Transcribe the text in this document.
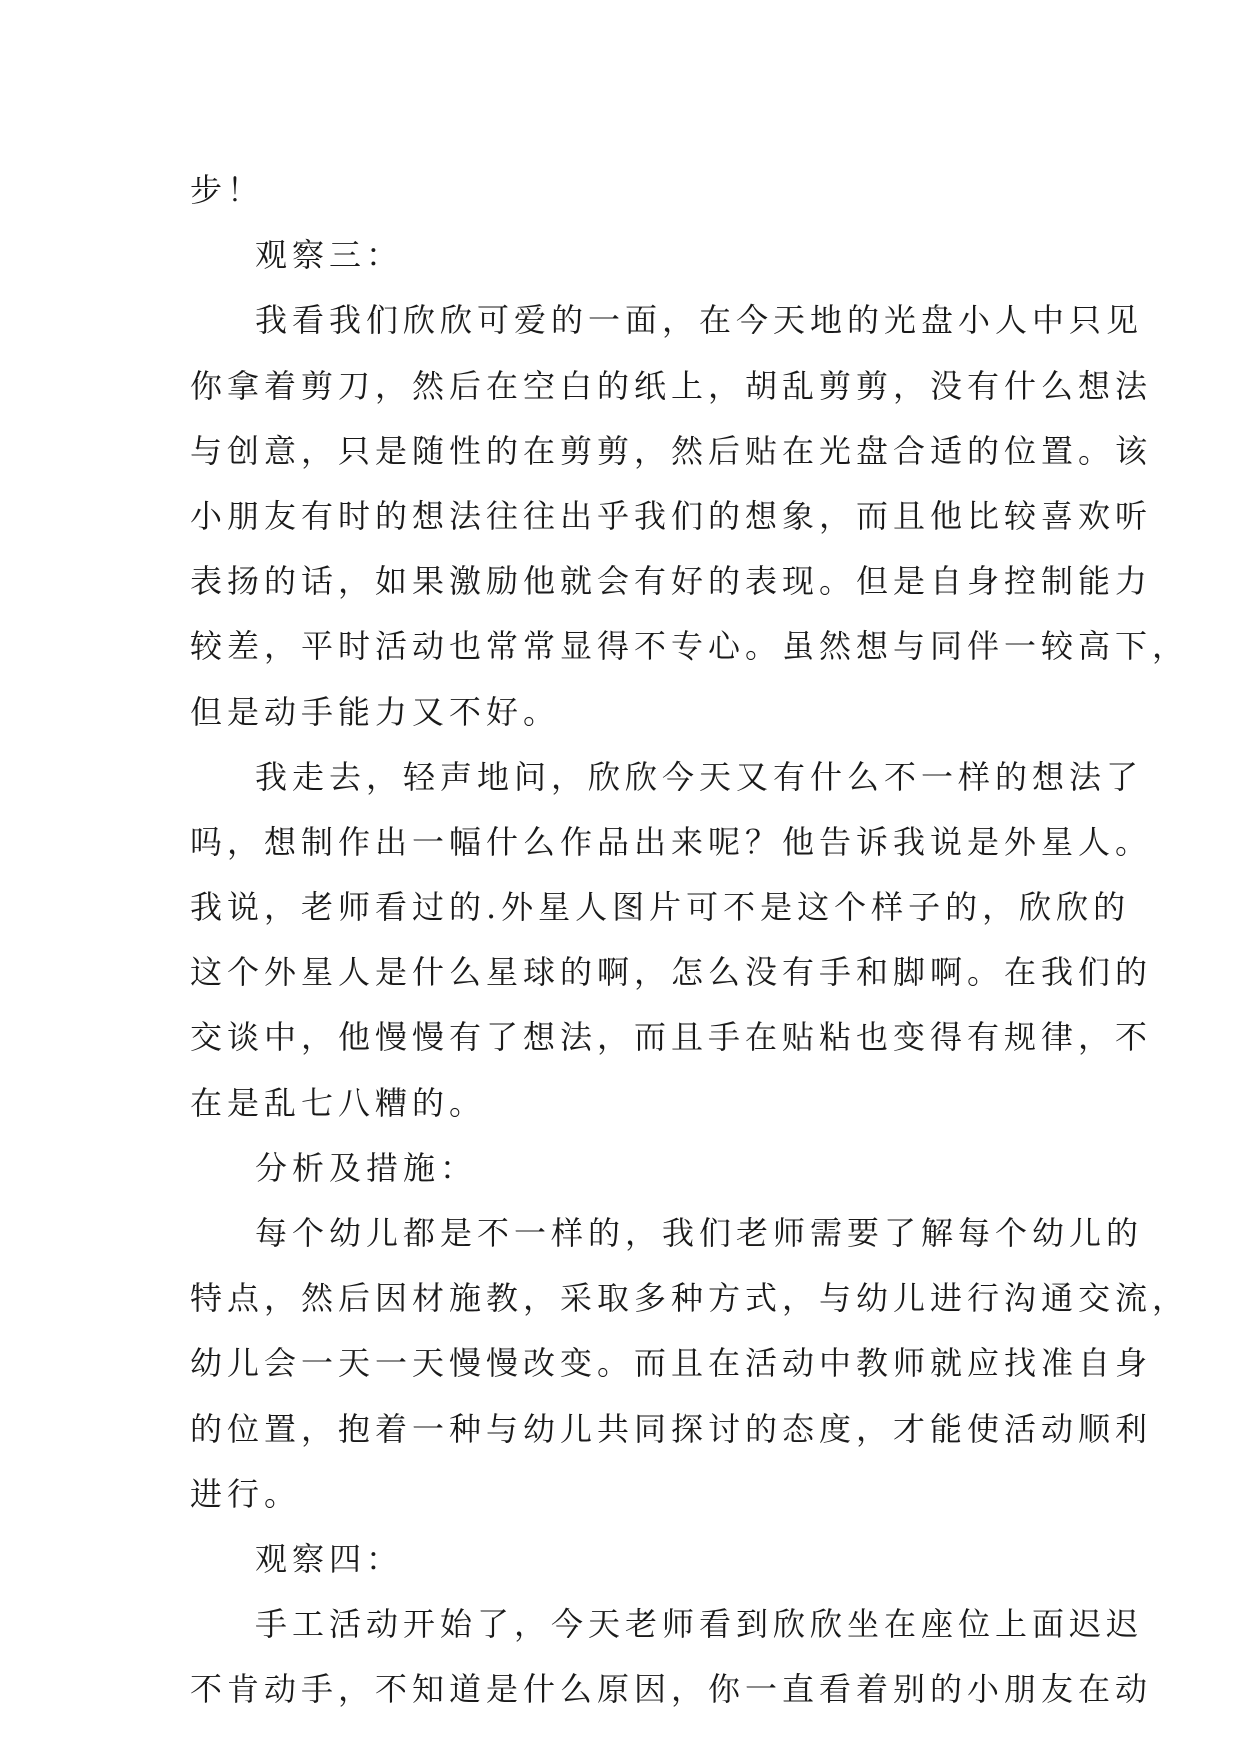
步！
观察三：
我看我们欣欣可爱的一面，在今天地的光盘小人中只见
你拿着剪刀，然后在空白的纸上，胡乱剪剪，没有什么想法
与创意，只是随性的在剪剪，然后贴在光盘合适的位置。该
小朋友有时的想法往往出乎我们的想象，而且他比较喜欢听
表扬的话，如果激励他就会有好的表现。但是自身控制能力
较差，平时活动也常常显得不专心。虽然想与同伴一较高下，
但是动手能力又不好。
我走去，轻声地问，欣欣今天又有什么不一样的想法了
吗，想制作出一幅什么作品出来呢？他告诉我说是外星人。
我说，老师看过的.外星人图片可不是这个样子的，欣欣的
这个外星人是什么星球的啊，怎么没有手和脚啊。在我们的
交谈中，他慢慢有了想法，而且手在贴粘也变得有规律，不
在是乱七八糟的。
分析及措施：
每个幼儿都是不一样的，我们老师需要了解每个幼儿的
特点，然后因材施教，采取多种方式，与幼儿进行沟通交流，
幼儿会一天一天慢慢改变。而且在活动中教师就应找准自身
的位置，抱着一种与幼儿共同探讨的态度，才能使活动顺利
进行。
观察四：
手工活动开始了，今天老师看到欣欣坐在座位上面迟迟
不肯动手，不知道是什么原因，你一直看着别的小朋友在动
